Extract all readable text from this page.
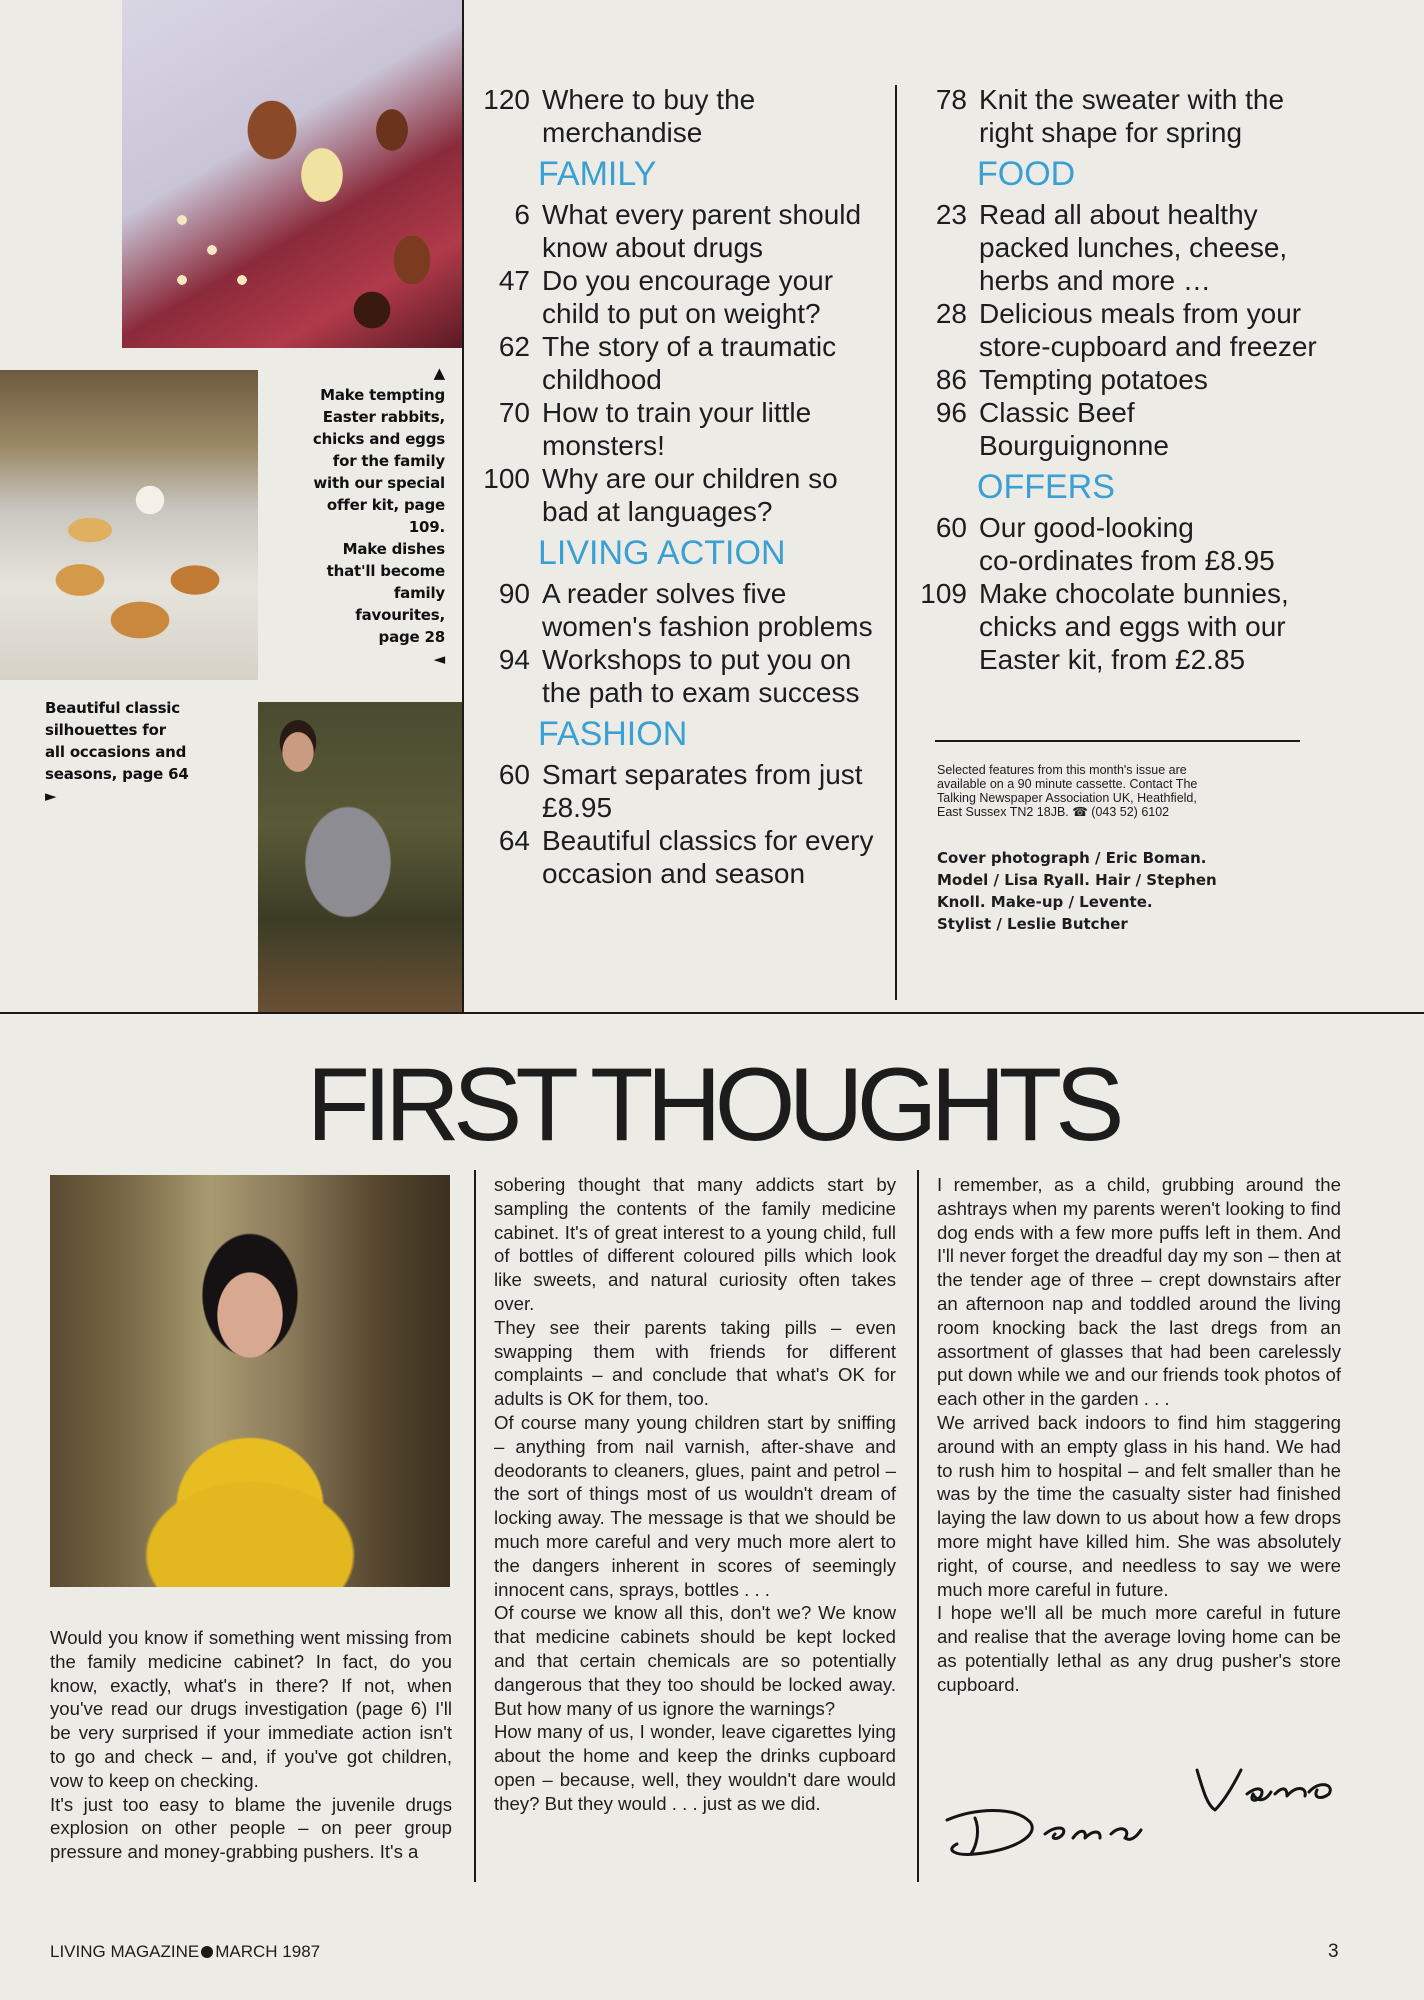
▲
Make tempting
Easter rabbits,
chicks and eggs
for the family
with our special
offer kit, page
109.
Make dishes
that'll become
family
favourites,
page 28
◄
Beautiful classic
silhouettes for
all occasions and
seasons, page 64
►
120 Where to buy the
merchandise
FAMILY
6 What every parent should
know about drugs
47 Do you encourage your
child to put on weight?
62 The story of a traumatic
childhood
70 How to train your little
monsters!
100 Why are our children so
bad at languages?
LIVING ACTION
90 A reader solves five
women's fashion problems
94 Workshops to put you on
the path to exam success
FASHION
60 Smart separates from just
£8.95
64 Beautiful classics for every
occasion and season
78 Knit the sweater with the
right shape for spring
FOOD
23 Read all about healthy
packed lunches, cheese,
herbs and more …
28 Delicious meals from your
store-cupboard and freezer
86 Tempting potatoes
96 Classic Beef
Bourguignonne
OFFERS
60 Our good-looking
co-ordinates from £8.95
109 Make chocolate bunnies,
chicks and eggs with our
Easter kit, from £2.85
Selected features from this month's issue are
available on a 90 minute cassette. Contact The
Talking Newspaper Association UK, Heathfield,
East Sussex TN2 18JB. ☎ (043 52) 6102
Cover photograph / Eric Boman.
Model / Lisa Ryall. Hair / Stephen
Knoll. Make-up / Levente.
Stylist / Leslie Butcher
FIRST THOUGHTS

Would you know if something went missing from the family medicine cabinet? In fact, do you know, exactly, what's in there? If not, when you've read our drugs investigation (page 6) I'll be very surprised if your immediate action isn't to go and check – and, if you've got children, vow to keep on checking.

It's just too easy to blame the juvenile drugs explosion on other people – on peer group pressure and money-grabbing pushers. It's a

sobering thought that many addicts start by sampling the contents of the family medicine cabinet. It's of great interest to a young child, full of bottles of different coloured pills which look like sweets, and natural curiosity often takes over.

They see their parents taking pills – even swapping them with friends for different complaints – and conclude that what's OK for adults is OK for them, too.

Of course many young children start by sniffing – anything from nail varnish, after-shave and deodorants to cleaners, glues, paint and petrol – the sort of things most of us wouldn't dream of locking away. The message is that we should be much more careful and very much more alert to the dangers inherent in scores of seemingly innocent cans, sprays, bottles . . .

Of course we know all this, don't we? We know that medicine cabinets should be kept locked and that certain chemicals are so potentially dangerous that they too should be locked away. But how many of us ignore the warnings?

How many of us, I wonder, leave cigarettes lying about the home and keep the drinks cupboard open – because, well, they wouldn't dare would they? But they would . . . just as we did.

I remember, as a child, grubbing around the ashtrays when my parents weren't looking to find dog ends with a few more puffs left in them. And I'll never forget the dreadful day my son – then at the tender age of three – crept downstairs after an afternoon nap and toddled around the living room knocking back the last dregs from an assortment of glasses that had been carelessly put down while we and our friends took photos of each other in the garden . . .

We arrived back indoors to find him staggering around with an empty glass in his hand. We had to rush him to hospital – and felt smaller than he was by the time the casualty sister had finished laying the law down to us about how a few drops more might have killed him. She was absolutely right, of course, and needless to say we were much more careful in future.

I hope we'll all be much more careful in future and realise that the average loving home can be as potentially lethal as any drug pusher's store cupboard.

LIVING MAGAZINE MARCH 1987	3
